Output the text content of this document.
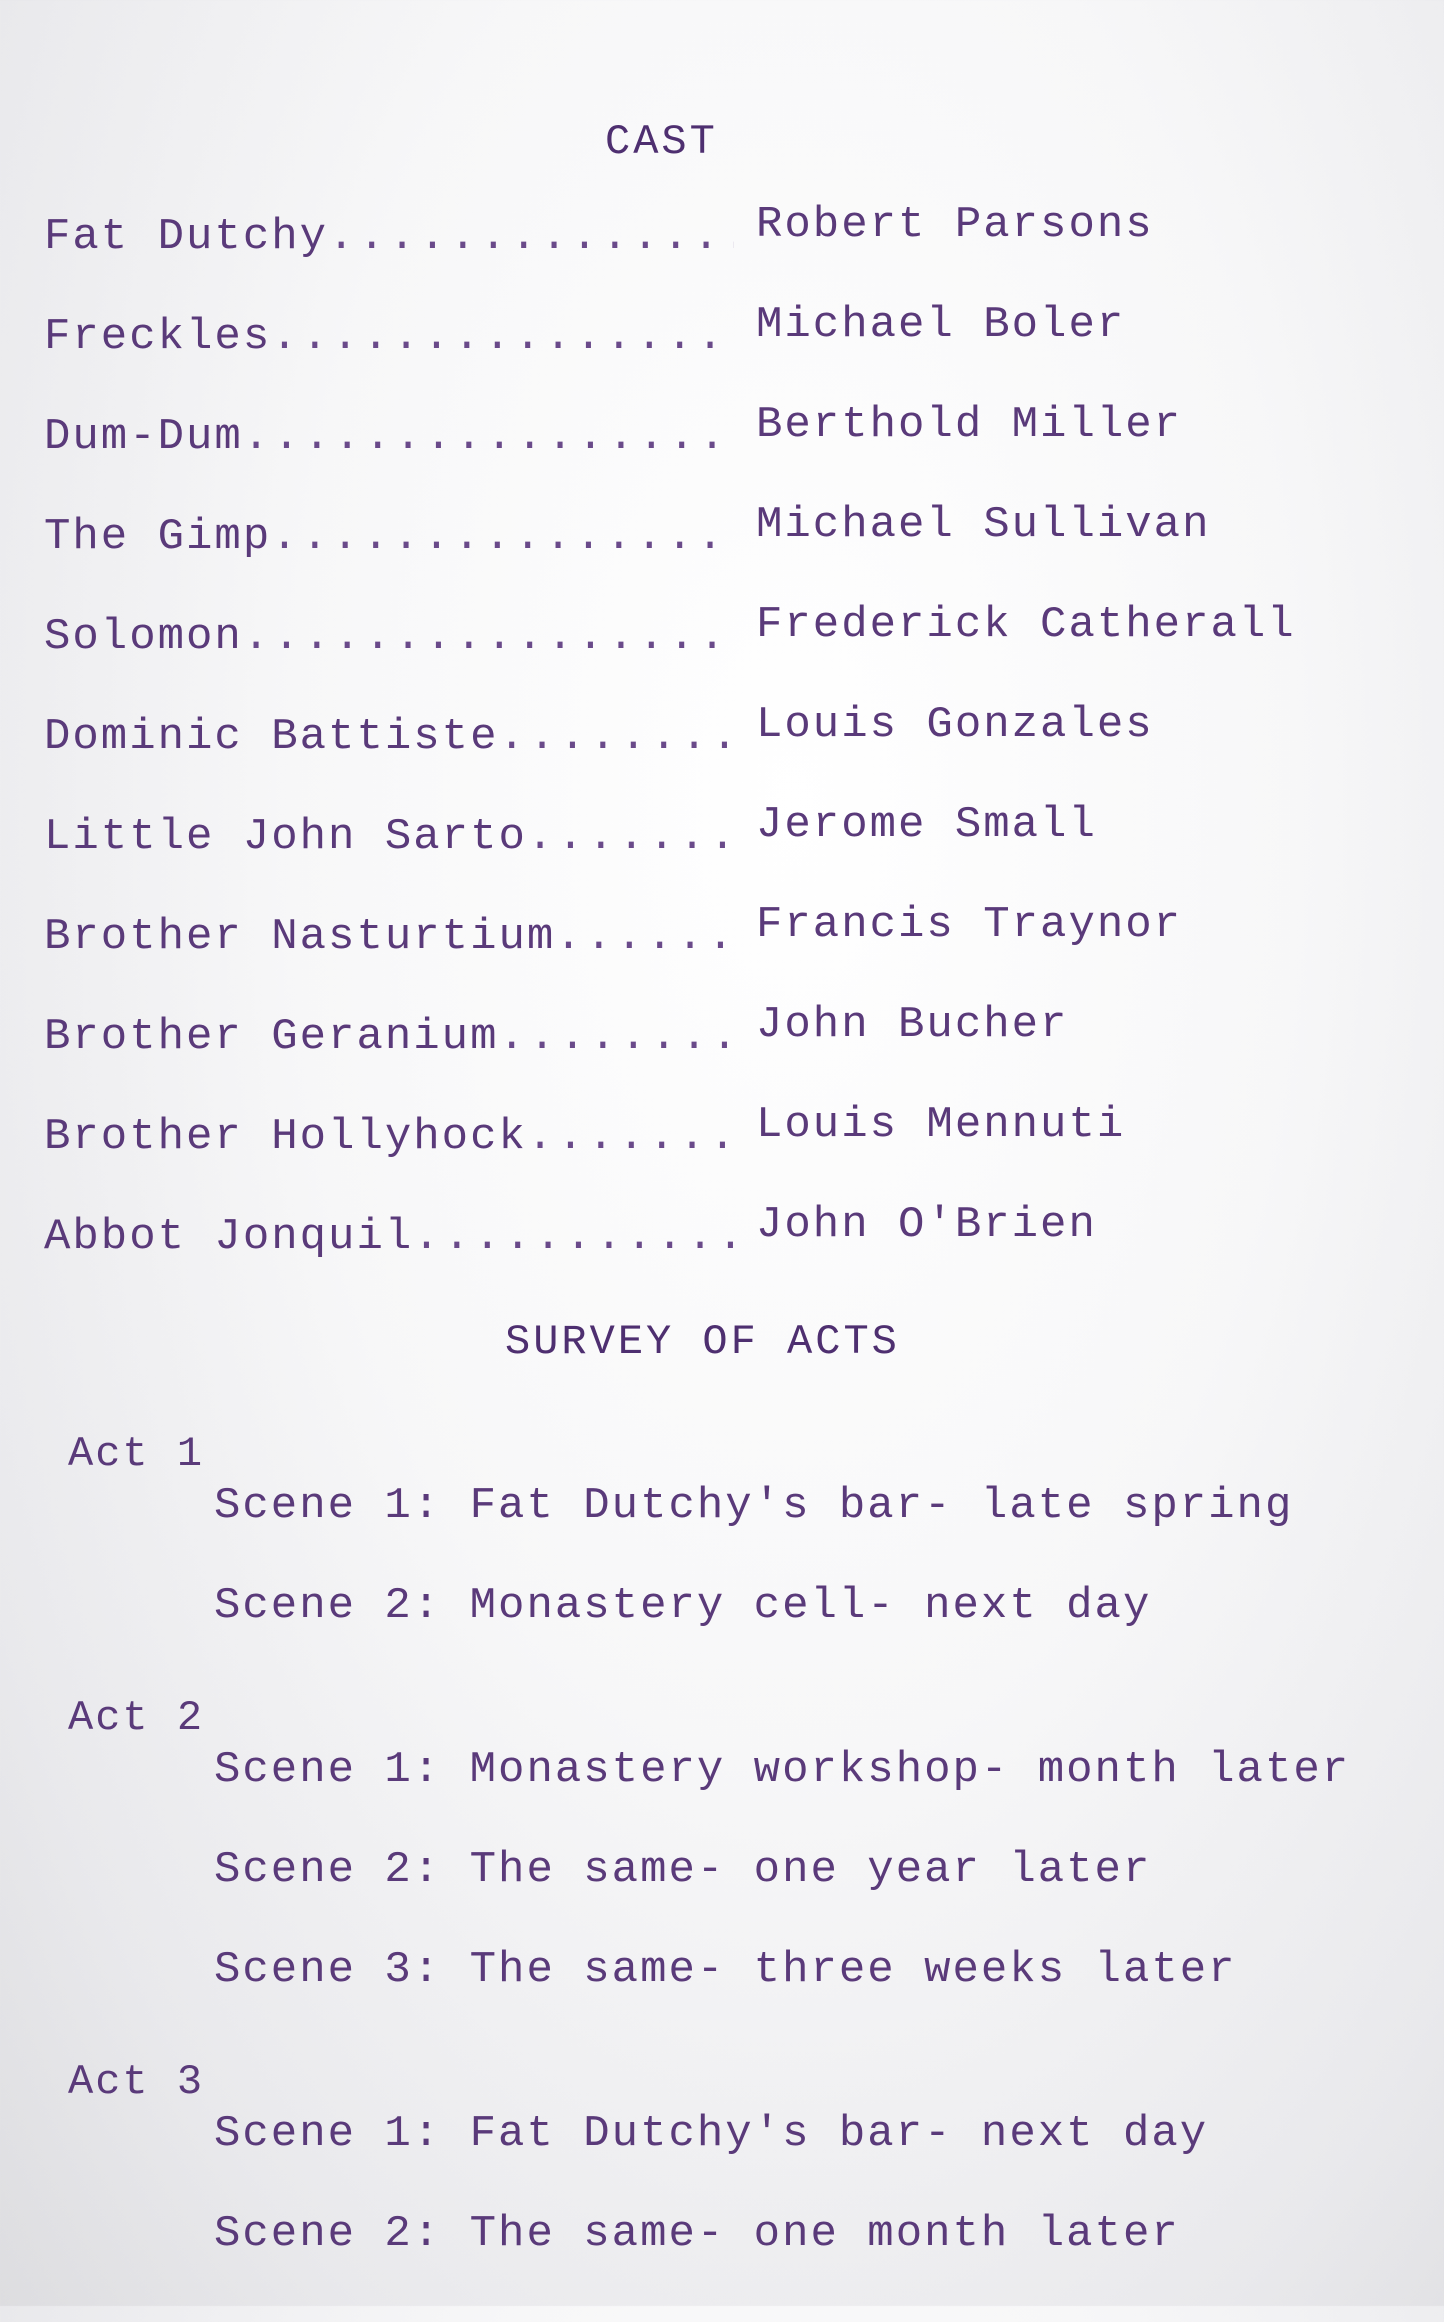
CAST
Fat Dutchy .....	Robert Parsons
Freckles .....	Michael Boler
Dum-Dum .....	Berthold Miller
The Gimp .....	Michael Sullivan
Solomon .....	Frederick Catherall
Dominic Battiste .....	Louis Gonzales
Little John Sarto .....	Jerome Small
Brother Nasturtium .....	Francis Traynor
Brother Geranium .....	John Bucher
Brother Hollyhock .....	Louis Mennuti
Abbot Jonquil .....	John O'Brien
SURVEY OF ACTS
Act 1
Scene 1: Fat Dutchy's bar- late spring
Scene 2: Monastery cell- next day
Act 2
Scene 1: Monastery workshop- month later
Scene 2: The same- one year later
Scene 3: The same- three weeks later
Act 3
Scene 1: Fat Dutchy's bar- next day
Scene 2: The same- one month later
